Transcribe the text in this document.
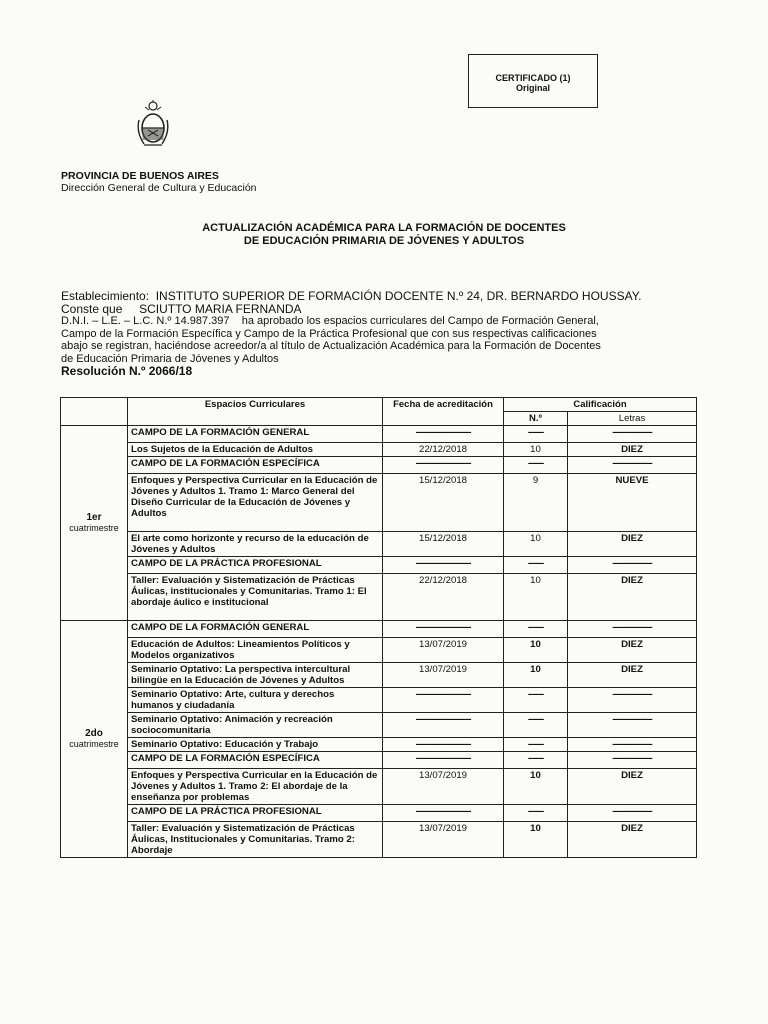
CERTIFICADO (1)
Original
PROVINCIA DE BUENOS AIRES
Dirección General de Cultura y Educación
ACTUALIZACIÓN ACADÉMICA PARA LA FORMACIÓN DE DOCENTES
DE EDUCACIÓN PRIMARIA DE JÓVENES Y ADULTOS
Establecimiento: INSTITUTO SUPERIOR DE FORMACIÓN DOCENTE N.º 24, DR. BERNARDO HOUSSAY.
Conste que SCIUTTO MARIA FERNANDA
D.N.I. – L.E. – L.C. N.º 14.987.397 ha aprobado los espacios curriculares del Campo de Formación General,
Campo de la Formación Específica y Campo de la Práctica Profesional que con sus respectivas calificaciones
abajo se registran, haciéndose acreedor/a al título de Actualización Académica para la Formación de Docentes
de Educación Primaria de Jóvenes y Adultos
Resolución N.º 2066/18
	Espacios Curriculares	Fecha de acreditación	Calificación	
			N.º	Letras

1er
cuatrimestre	CAMPO DE LA FORMACIÓN GENERAL	-------------------------	-------	------------------
	Los Sujetos de la Educación de Adultos	22/12/2018	10	DIEZ
	CAMPO DE LA FORMACIÓN ESPECÍFICA	-------------------------	-------	------------------
	Enfoques y Perspectiva Curricular en la Educación de Jóvenes y Adultos 1. Tramo 1: Marco General del Diseño Curricular de la Educación de Jóvenes y Adultos	15/12/2018	9	NUEVE
	El arte como horizonte y recurso de la educación de Jóvenes y Adultos	15/12/2018	10	DIEZ
	CAMPO DE LA PRÁCTICA PROFESIONAL	-------------------------	-------	------------------
	Taller: Evaluación y Sistematización de Prácticas Áulicas, institucionales y Comunitarias. Tramo 1: El abordaje áulico e institucional	22/12/2018	10	DIEZ

2do
cuatrimestre	CAMPO DE LA FORMACIÓN GENERAL	-------------------------	-------	------------------
	Educación de Adultos: Lineamientos Políticos y Modelos organizativos	13/07/2019	10	DIEZ
	Seminario Optativo: La perspectiva intercultural bilingüe en la Educación de Jóvenes y Adultos	13/07/2019	10	DIEZ
	Seminario Optativo: Arte, cultura y derechos humanos y ciudadanía	-------------------------	-------	------------------
	Seminario Optativo: Animación y recreación sociocomunitaria	-------------------------	-------	------------------
	Seminario Optativo: Educación y Trabajo	-------------------------	-------	------------------
	CAMPO DE LA FORMACIÓN ESPECÍFICA	-------------------------	-------	------------------
	Enfoques y Perspectiva Curricular en la Educación de Jóvenes y Adultos 1. Tramo 2: El abordaje de la enseñanza por problemas	13/07/2019	10	DIEZ
	CAMPO DE LA PRÁCTICA PROFESIONAL	-------------------------	-------	------------------
	Taller: Evaluación y Sistematización de Prácticas Áulicas, Institucionales y Comunitarias. Tramo 2: Abordaje	13/07/2019	10	DIEZ
